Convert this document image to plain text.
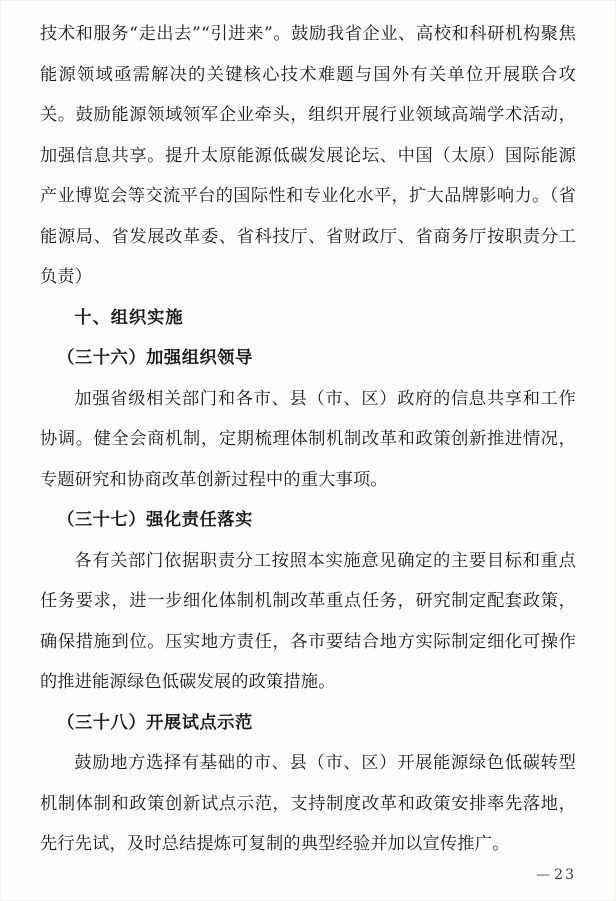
技术和服务“走出去”“引进来”。鼓励我省企业、高校和科研机构聚焦能源领域亟需解决的关键核心技术难题与国外有关单位开展联合攻关。鼓励能源领域领军企业牵头，组织开展行业领域高端学术活动，加强信息共享。提升太原能源低碳发展论坛、中国（太原）国际能源产业博览会等交流平台的国际性和专业化水平，扩大品牌影响力。（省能源局、省发展改革委、省科技厅、省财政厅、省商务厅按职责分工负责）

十、组织实施

（三十六）加强组织领导

加强省级相关部门和各市、县（市、区）政府的信息共享和工作协调。健全会商机制，定期梳理体制机制改革和政策创新推进情况，专题研究和协商改革创新过程中的重大事项。

（三十七）强化责任落实

各有关部门依据职责分工按照本实施意见确定的主要目标和重点任务要求，进一步细化体制机制改革重点任务，研究制定配套政策，确保措施到位。压实地方责任，各市要结合地方实际制定细化可操作的推进能源绿色低碳发展的政策措施。

（三十八）开展试点示范

鼓励地方选择有基础的市、县（市、区）开展能源绿色低碳转型机制体制和政策创新试点示范，支持制度改革和政策安排率先落地，先行先试，及时总结提炼可复制的典型经验并加以宣传推广。

— 23
